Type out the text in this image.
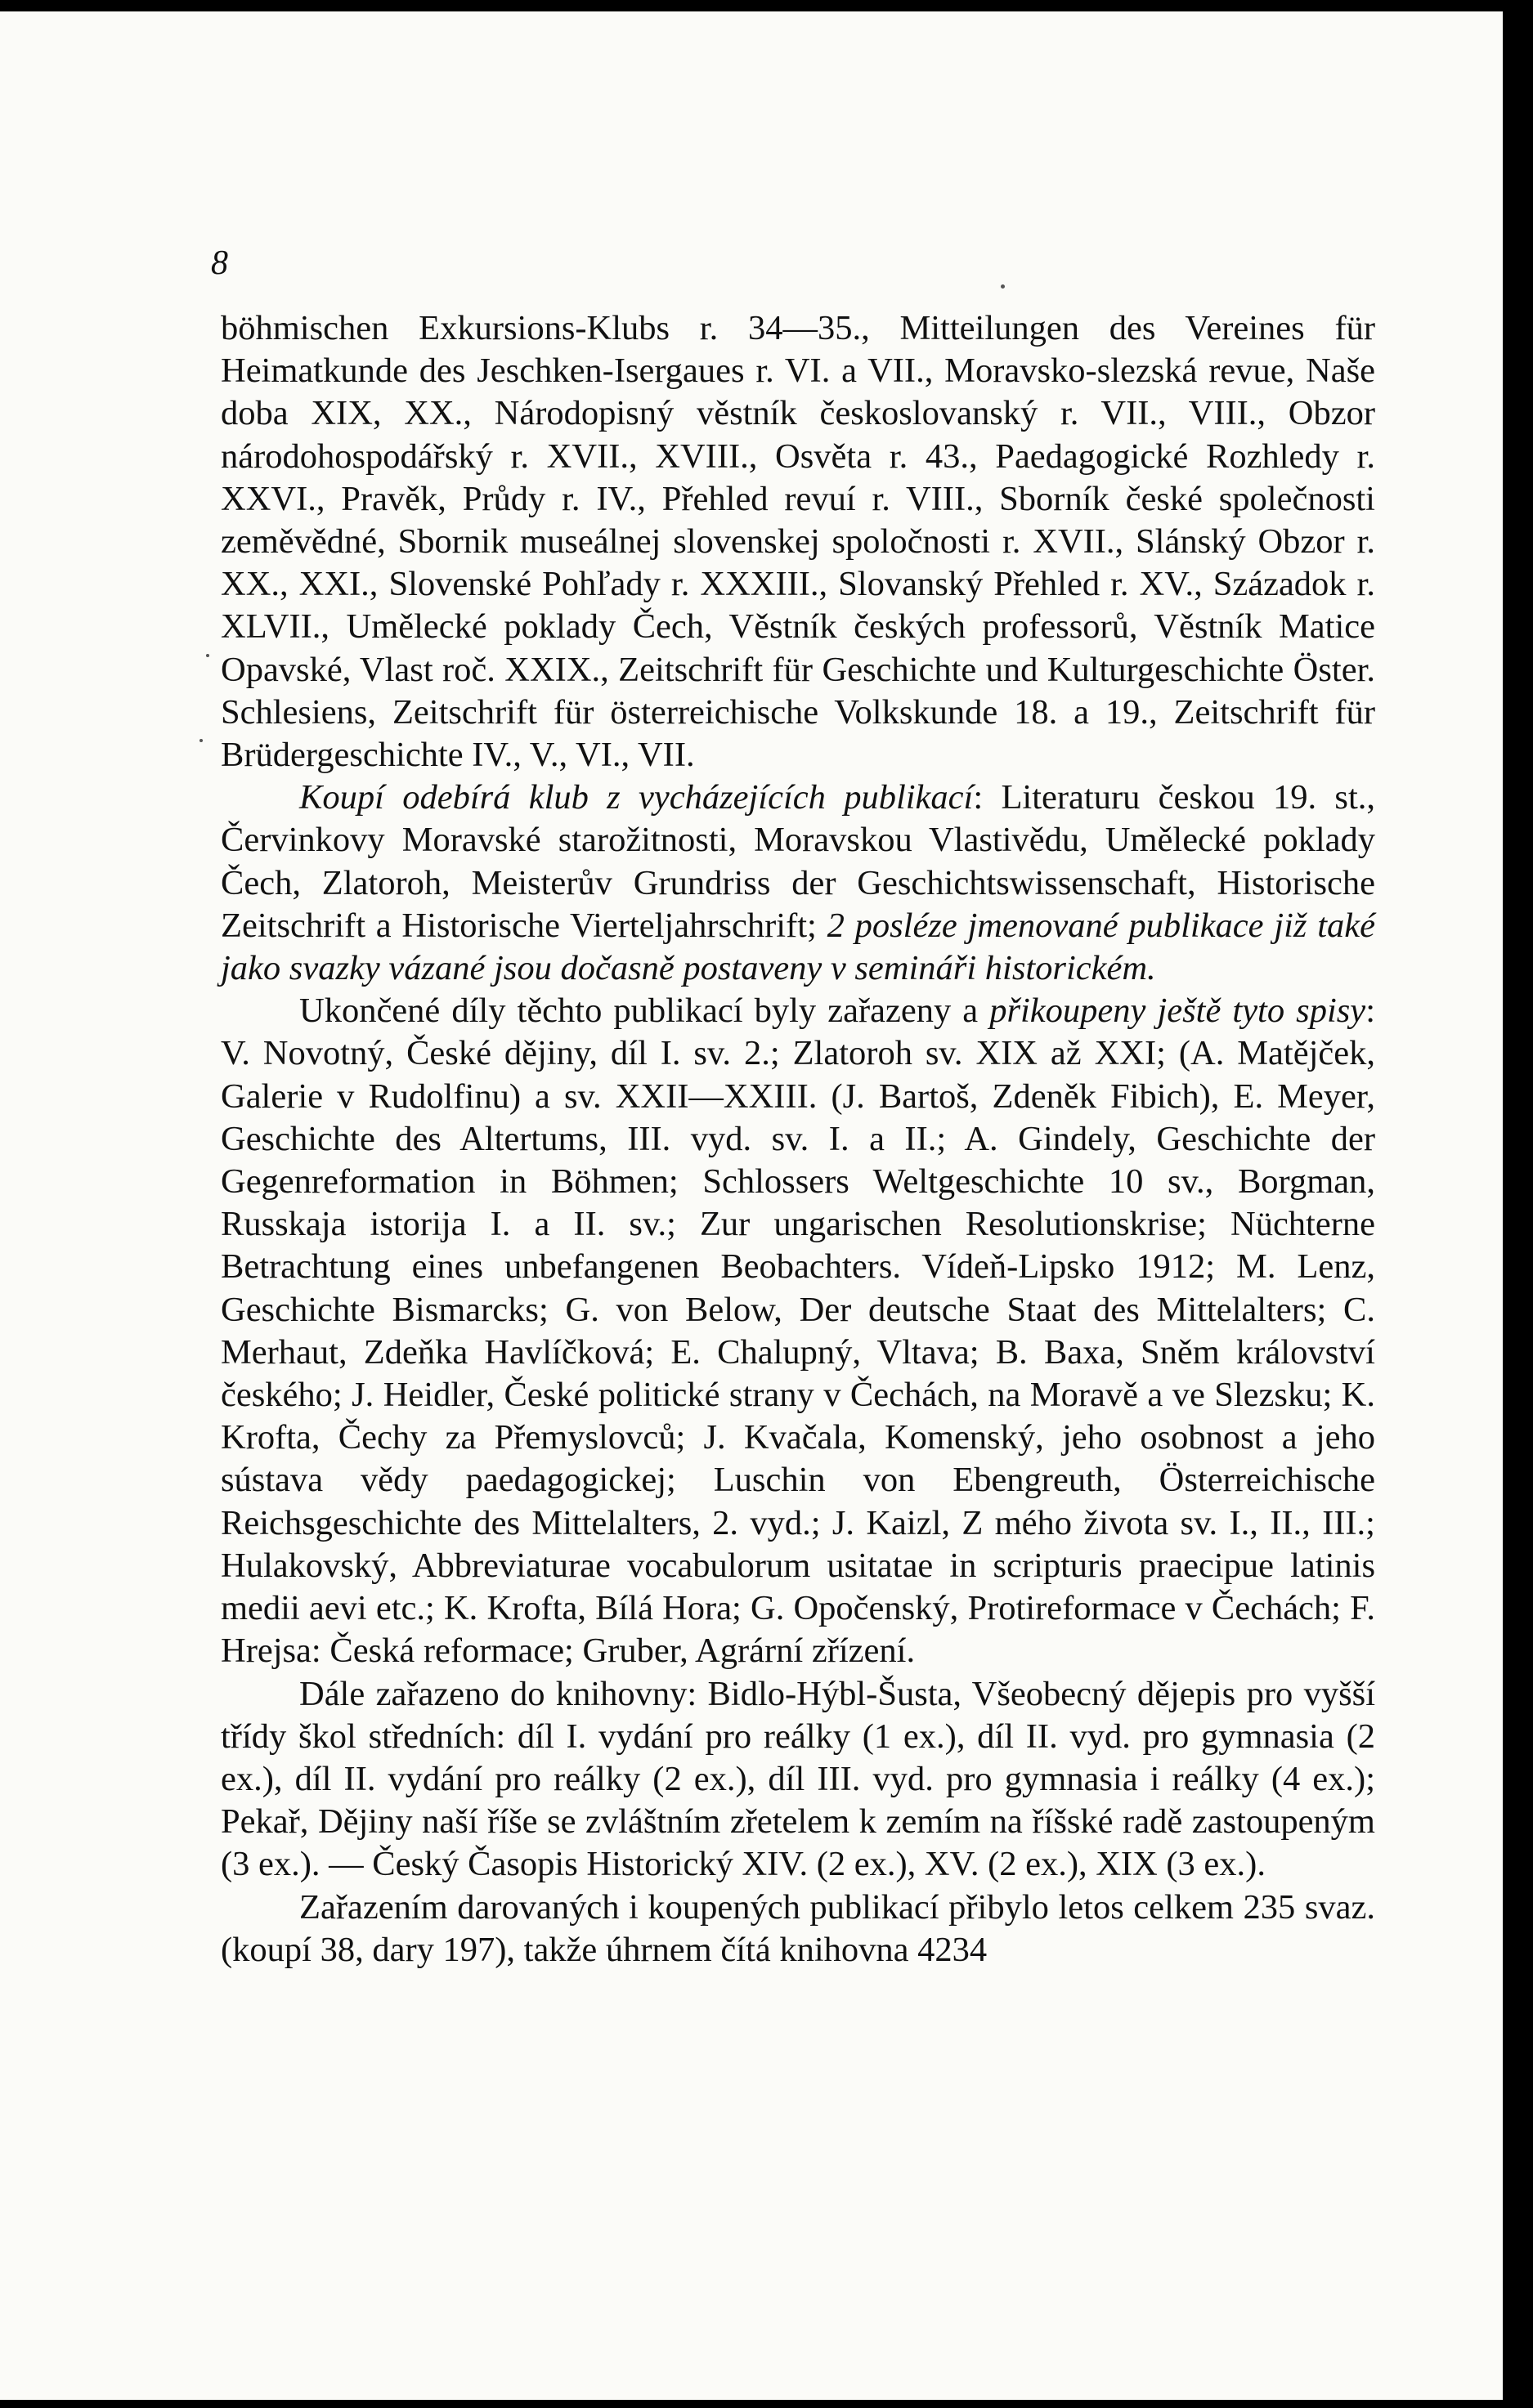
8

böhmischen Exkursions-Klubs r. 34—35., Mitteilungen des Vereines für Heimatkunde des Jeschken-Isergaues r. VI. a VII., Moravsko-slezská revue, Naše doba XIX, XX., Národopisný věstník českoslovanský r. VII., VIII., Obzor národohospodářský r. XVII., XVIII., Osvěta r. 43., Paedagogické Rozhledy r. XXVI., Pravěk, Průdy r. IV., Přehled revuí r. VIII., Sborník české společnosti zeměvědné, Sbornik museálnej slovenskej spoločnosti r. XVII., Slánský Obzor r. XX., XXI., Slovenské Pohľady r. XXXIII., Slovanský Přehled r. XV., Századok r. XLVII., Umělecké poklady Čech, Věstník českých professorů, Věstník Matice Opavské, Vlast roč. XXIX., Zeitschrift für Geschichte und Kulturgeschichte Öster. Schlesiens, Zeitschrift für österreichische Volkskunde 18. a 19., Zeitschrift für Brüdergeschichte IV., V., VI., VII.

Koupí odebírá klub z vycházejících publikací: Literaturu českou 19. st., Červinkovy Moravské starožitnosti, Moravskou Vlastivědu, Umělecké poklady Čech, Zlatoroh, Meisterův Grundriss der Geschichtswissenschaft, Historische Zeitschrift a Historische Vierteljahrschrift; 2 posléze jmenované publikace již také jako svazky vázané jsou dočasně postaveny v semináři historickém.

Ukončené díly těchto publikací byly zařazeny a přikoupeny ještě tyto spisy: V. Novotný, České dějiny, díl I. sv. 2.; Zlatoroh sv. XIX až XXI; (A. Matějček, Galerie v Rudolfinu) a sv. XXII—XXIII. (J. Bartoš, Zdeněk Fibich), E. Meyer, Geschichte des Altertums, III. vyd. sv. I. a II.; A. Gindely, Geschichte der Gegenreformation in Böhmen; Schlossers Weltgeschichte 10 sv., Borgman, Russkaja istorija I. a II. sv.; Zur ungarischen Resolutionskrise; Nüchterne Betrachtung eines unbefangenen Beobachters. Vídeň-Lipsko 1912; M. Lenz, Geschichte Bismarcks; G. von Below, Der deutsche Staat des Mittelalters; C. Merhaut, Zdeňka Havlíčková; E. Chalupný, Vltava; B. Baxa, Sněm království českého; J. Heidler, České politické strany v Čechách, na Moravě a ve Slezsku; K. Krofta, Čechy za Přemyslovců; J. Kvačala, Komenský, jeho osobnost a jeho sústava vědy paedagogickej; Luschin von Ebengreuth, Österreichische Reichsgeschichte des Mittelalters, 2. vyd.; J. Kaizl, Z mého života sv. I., II., III.; Hulakovský, Abbreviaturae vocabulorum usitatae in scripturis praecipue latinis medii aevi etc.; K. Krofta, Bílá Hora; G. Opočenský, Protireformace v Čechách; F. Hrejsa: Česká reformace; Gruber, Agrární zřízení.

Dále zařazeno do knihovny: Bidlo-Hýbl-Šusta, Všeobecný dějepis pro vyšší třídy škol středních: díl I. vydání pro reálky (1 ex.), díl II. vyd. pro gymnasia (2 ex.), díl II. vydání pro reálky (2 ex.), díl III. vyd. pro gymnasia i reálky (4 ex.); Pekař, Dějiny naší říše se zvláštním zřetelem k zemím na říšské radě zastoupeným (3 ex.). — Český Časopis Historický XIV. (2 ex.), XV. (2 ex.), XIX (3 ex.).

Zařazením darovaných i koupených publikací přibylo letos celkem 235 svaz. (koupí 38, dary 197), takže úhrnem čítá knihovna 4234
